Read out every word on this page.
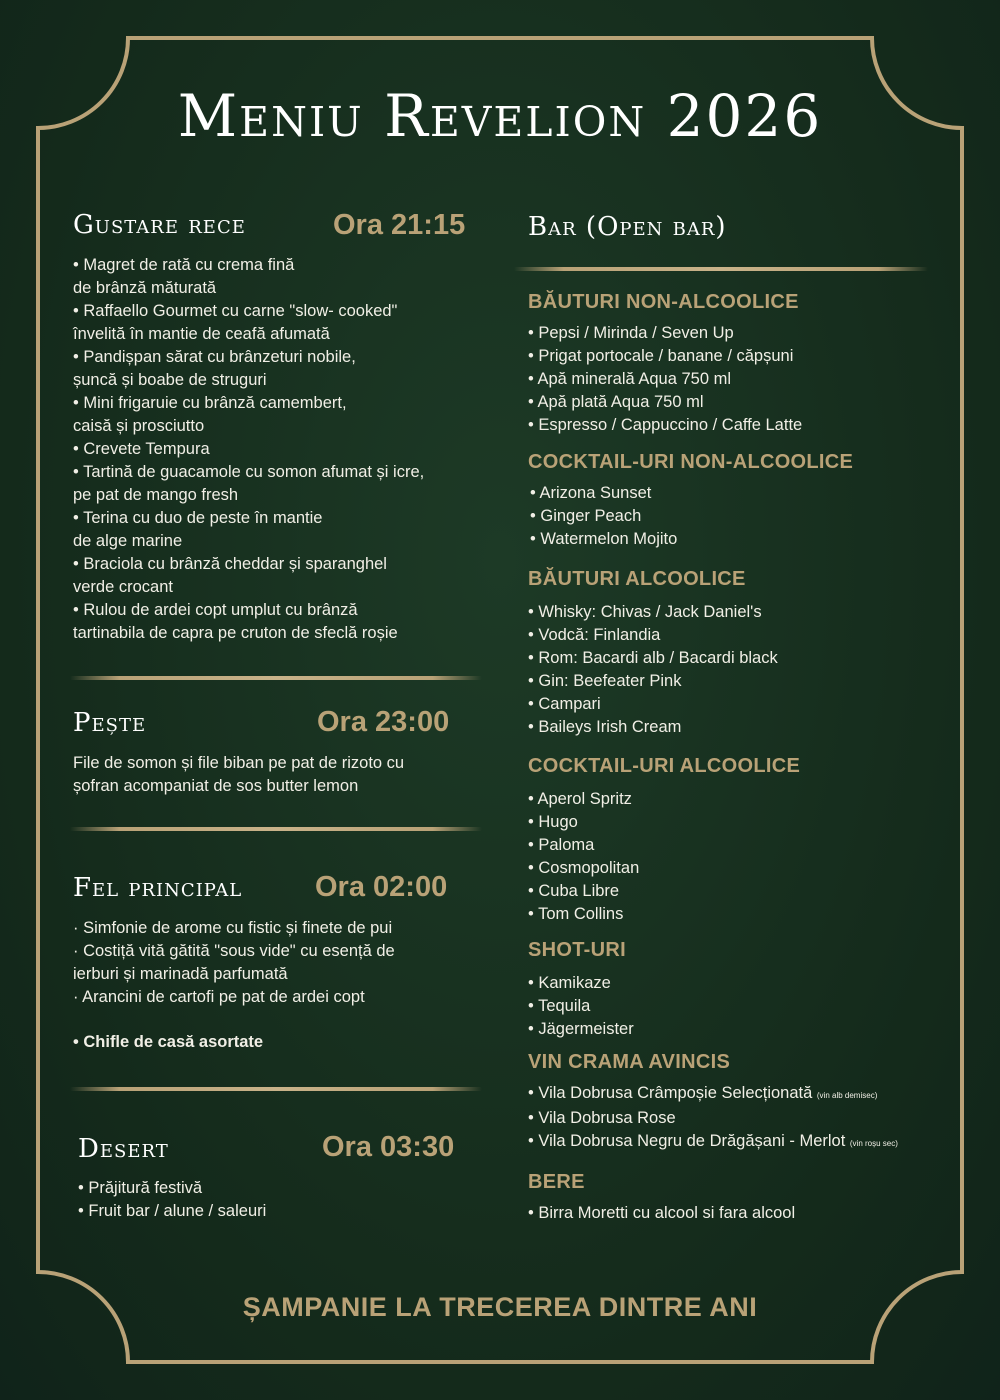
Meniu Revelion 2026
Gustare rece	Ora 21:15
• Magret de rată cu crema fină
de brânză măturată
• Raffaello Gourmet cu carne "slow- cooked"
învelită în mantie de ceafă afumată
• Pandișpan sărat cu brânzeturi nobile,
șuncă și boabe de struguri
• Mini frigaruie cu brânză camembert,
caisă și prosciutto
• Crevete Tempura
• Tartină de guacamole cu somon afumat și icre,
pe pat de mango fresh
• Terina cu duo de peste în mantie
de alge marine
• Braciola cu brânză cheddar și sparanghel
verde crocant
• Rulou de ardei copt umplut cu brânză
tartinabila de capra pe cruton de sfeclă roșie
Pește	Ora 23:00
File de somon și file biban pe pat de rizoto cu
șofran acompaniat de sos butter lemon
Fel principal	Ora 02:00
· Simfonie de arome cu fistic și finete de pui
· Costiță vită gătită "sous vide" cu esență de
ierburi și marinadă parfumată
· Arancini de cartofi pe pat de ardei copt
• Chifle de casă asortate
Desert	Ora 03:30
• Prăjitură festivă
• Fruit bar / alune / saleuri
Bar (Open bar)
BĂUTURI NON-ALCOOLICE
• Pepsi / Mirinda / Seven Up
• Prigat portocale / banane / căpșuni
• Apă minerală Aqua 750 ml
• Apă plată Aqua 750 ml
• Espresso / Cappuccino / Caffe Latte
COCKTAIL-URI NON-ALCOOLICE
• Arizona Sunset
• Ginger Peach
• Watermelon Mojito
BĂUTURI ALCOOLICE
• Whisky: Chivas / Jack Daniel's
• Vodcă: Finlandia
• Rom: Bacardi alb / Bacardi black
• Gin: Beefeater Pink
• Campari
• Baileys Irish Cream
COCKTAIL-URI ALCOOLICE
• Aperol Spritz
• Hugo
• Paloma
• Cosmopolitan
• Cuba Libre
• Tom Collins
SHOT-URI
• Kamikaze
• Tequila
• Jägermeister
VIN CRAMA AVINCIS
• Vila Dobrusa Crâmpoșie Selecționată (vin alb demisec)
• Vila Dobrusa Rose
• Vila Dobrusa Negru de Drăgășani - Merlot (vin roșu sec)
BERE
• Birra Moretti cu alcool si fara alcool
ȘAMPANIE LA TRECEREA DINTRE ANI
